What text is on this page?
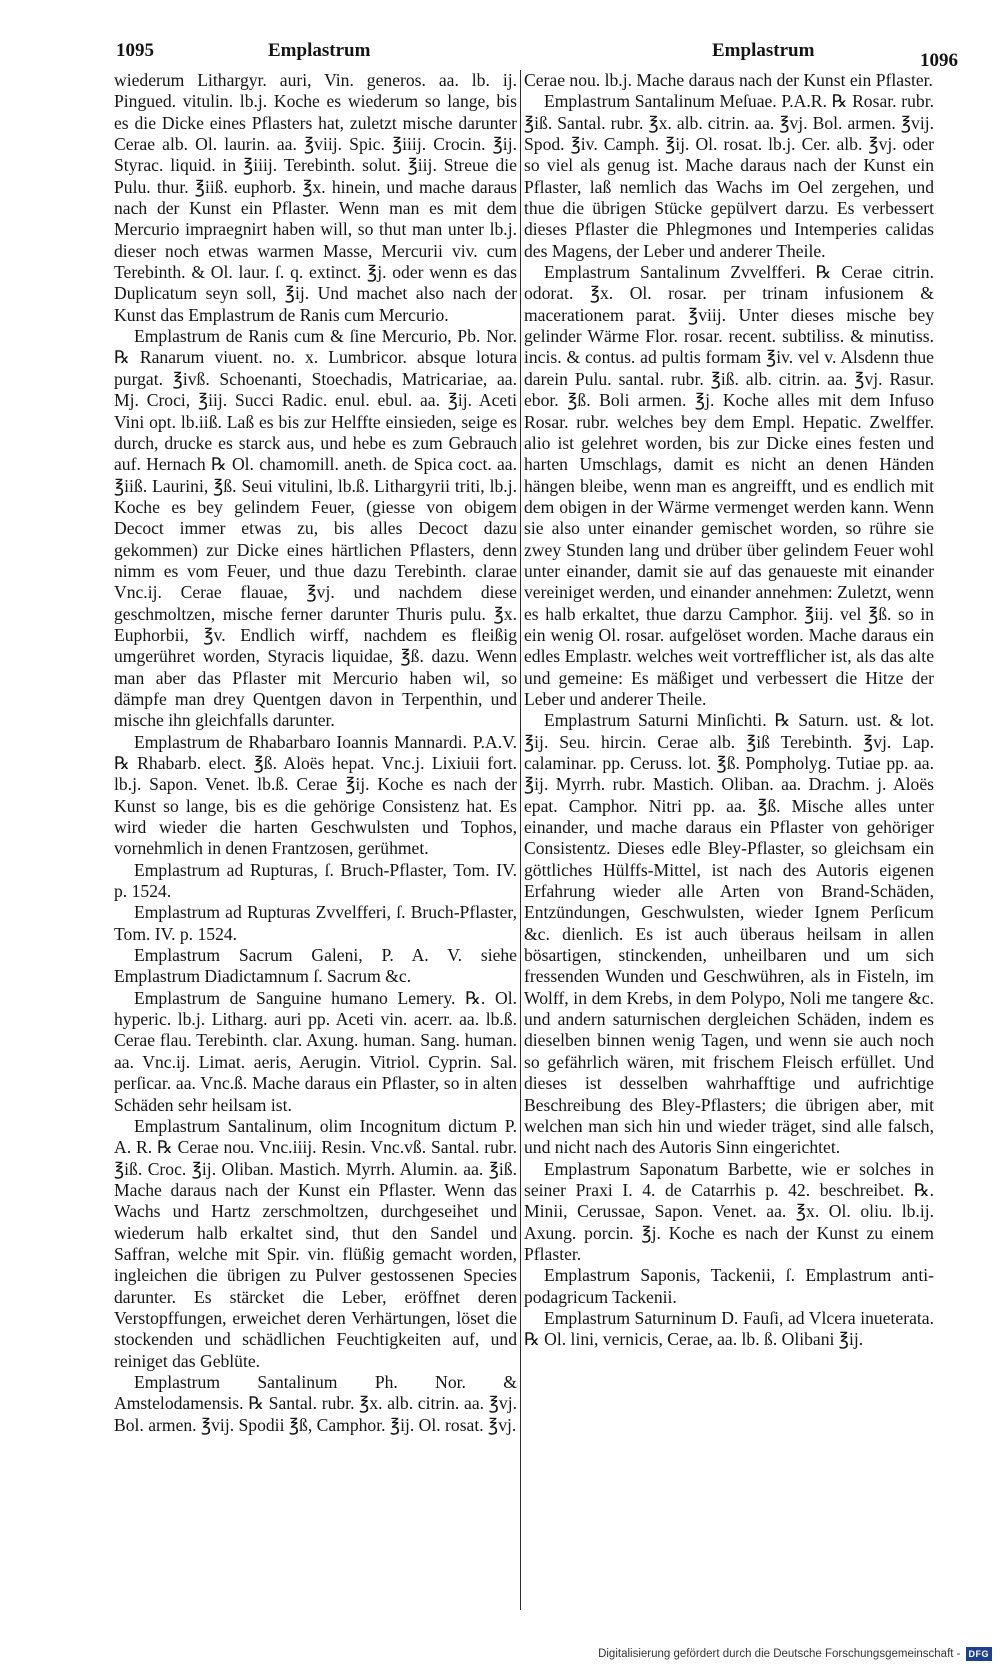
1095	Emplastrum	Emplastrum	1096

wiederum Lithargyr. auri, Vin. generos. aa. lb. ij. Pingued. vitulin. lb.j. Koche es wiederum so lange, bis es die Dicke eines Pflasters hat, zuletzt mische darunter Cerae alb. Ol. laurin. aa. ℥viij. Spic. ℥iiij. Crocin. ℥ij. Styrac. liquid. in ℥iiij. Terebinth. solut. ℥iij. Streue die Pulu. thur. ℥iiß. euphorb. ℥x. hinein, und mache daraus nach der Kunst ein Pflaster. Wenn man es mit dem Mercurio impraegnirt haben will, so thut man unter lb.j. dieser noch etwas warmen Masse, Mercurii viv. cum Terebinth. & Ol. laur. ſ. q. extinct. ℥j. oder wenn es das Duplicatum seyn soll, ℥ij. Und machet also nach der Kunst das Emplastrum de Ranis cum Mercurio.

Emplastrum de Ranis cum & ſine Mercurio, Pb. Nor. ℞ Ranarum viuent. no. x. Lumbricor. absque lotura purgat. ℥ivß. Schoenanti, Stoechadis, Matricariae, aa. Mj. Croci, ℥iij. Succi Radic. enul. ebul. aa. ℥ij. Aceti Vini opt. lb.iiß. Laß es bis zur Helffte einsieden, seige es durch, drucke es starck aus, und hebe es zum Gebrauch auf. Hernach ℞ Ol. chamomill. aneth. de Spica coct. aa. ℥iiß. Laurini, ℥ß. Seui vitulini, lb.ß. Lithargyrii triti, lb.j. Koche es bey gelindem Feuer, (giesse von obigem Decoct immer etwas zu, bis alles Decoct dazu gekommen) zur Dicke eines härtlichen Pflasters, denn nimm es vom Feuer, und thue dazu Terebinth. clarae Vnc.ij. Cerae flauae, ℥vj. und nachdem diese geschmoltzen, mische ferner darunter Thuris pulu. ℥x. Euphorbii, ℥v. Endlich wirff, nachdem es fleißig umgerühret worden, Styracis liquidae, ℥ß. dazu. Wenn man aber das Pflaster mit Mercurio haben wil, so dämpfe man drey Quentgen davon in Terpenthin, und mische ihn gleichfalls darunter.

Emplastrum de Rhabarbaro Ioannis Mannardi. P.A.V. ℞ Rhabarb. elect. ℥ß. Aloës hepat. Vnc.j. Lixiuii fort. lb.j. Sapon. Venet. lb.ß. Cerae ℥ij. Koche es nach der Kunst so lange, bis es die gehörige Consistenz hat. Es wird wieder die harten Geschwulsten und Tophos, vornehmlich in denen Frantzosen, gerühmet.

Emplastrum ad Rupturas, ſ. Bruch-Pflaster, Tom. IV. p. 1524.

Emplastrum ad Rupturas Zvvelfferi, ſ. Bruch-Pflaster, Tom. IV. p. 1524.

Emplastrum Sacrum Galeni, P. A. V. siehe Emplastrum Diadictamnum ſ. Sacrum &c.

Emplastrum de Sanguine humano Lemery. ℞. Ol. hyperic. lb.j. Litharg. auri pp. Aceti vin. acerr. aa. lb.ß. Cerae flau. Terebinth. clar. Axung. human. Sang. human. aa. Vnc.ij. Limat. aeris, Aerugin. Vitriol. Cyprin. Sal. perſicar. aa. Vnc.ß. Mache daraus ein Pflaster, so in alten Schäden sehr heilsam ist.

Emplastrum Santalinum, olim Incognitum dictum P. A. R. ℞ Cerae nou. Vnc.iiij. Resin. Vnc.vß. Santal. rubr. ℥iß. Croc. ℥ij. Oliban. Mastich. Myrrh. Alumin. aa. ℥iß. Mache daraus nach der Kunst ein Pflaster. Wenn das Wachs und Hartz zerschmoltzen, durchgeseihet und wiederum halb erkaltet sind, thut den Sandel und Saffran, welche mit Spir. vin. flüßig gemacht worden, ingleichen die übrigen zu Pulver gestossenen Species darunter. Es stärcket die Leber, eröffnet deren Verstopffungen, erweichet deren Verhärtungen, löset die stockenden und schädlichen Feuchtigkeiten auf, und reiniget das Geblüte.

Emplastrum Santalinum Ph. Nor. & Amstelodamensis. ℞ Santal. rubr. ℥x. alb. citrin. aa. ℥vj. Bol. armen. ℥vij. Spodii ℥ß, Camphor. ℥ij. Ol. rosat. ℥vj.

Cerae nou. lb.j. Mache daraus nach der Kunst ein Pflaster.

Emplastrum Santalinum Meſuae. P.A.R. ℞ Rosar. rubr. ℥iß. Santal. rubr. ℥x. alb. citrin. aa. ℥vj. Bol. armen. ℥vij. Spod. ℥iv. Camph. ℥ij. Ol. rosat. lb.j. Cer. alb. ℥vj. oder so viel als genug ist. Mache daraus nach der Kunst ein Pflaster, laß nemlich das Wachs im Oel zergehen, und thue die übrigen Stücke gepülvert darzu. Es verbessert dieses Pflaster die Phlegmones und Intemperies calidas des Magens, der Leber und anderer Theile.

Emplastrum Santalinum Zvvelfferi. ℞ Cerae citrin. odorat. ℥x. Ol. rosar. per trinam infusionem & macerationem parat. ℥viij. Unter dieses mische bey gelinder Wärme Flor. rosar. recent. subtiliss. & minutiss. incis. & contus. ad pultis formam ℥iv. vel v. Alsdenn thue darein Pulu. santal. rubr. ℥iß. alb. citrin. aa. ℥vj. Rasur. ebor. ℥ß. Boli armen. ℥j. Koche alles mit dem Infuso Rosar. rubr. welches bey dem Empl. Hepatic. Zwelffer. alio ist gelehret worden, bis zur Dicke eines festen und harten Umschlags, damit es nicht an denen Händen hängen bleibe, wenn man es angreifft, und es endlich mit dem obigen in der Wärme vermenget werden kann. Wenn sie also unter einander gemischet worden, so rühre sie zwey Stunden lang und drüber über gelindem Feuer wohl unter einander, damit sie auf das genaueste mit einander vereiniget werden, und einander annehmen: Zuletzt, wenn es halb erkaltet, thue darzu Camphor. ℥iij. vel ℥ß. so in ein wenig Ol. rosar. aufgelöset worden. Mache daraus ein edles Emplastr. welches weit vortrefflicher ist, als das alte und gemeine: Es mäßiget und verbessert die Hitze der Leber und anderer Theile.

Emplastrum Saturni Minſichti. ℞ Saturn. ust. & lot. ℥ij. Seu. hircin. Cerae alb. ℥iß Terebinth. ℥vj. Lap. calaminar. pp. Ceruss. lot. ℥ß. Pompholyg. Tutiae pp. aa. ℥ij. Myrrh. rubr. Mastich. Oliban. aa. Drachm. j. Aloës epat. Camphor. Nitri pp. aa. ℥ß. Mische alles unter einander, und mache daraus ein Pflaster von gehöriger Consistentz. Dieses edle Bley-Pflaster, so gleichsam ein göttliches Hülffs-Mittel, ist nach des Autoris eigenen Erfahrung wieder alle Arten von Brand-Schäden, Entzündungen, Geschwulsten, wieder Ignem Perſicum &c. dienlich. Es ist auch überaus heilsam in allen bösartigen, stinckenden, unheilbaren und um sich fressenden Wunden und Geschwühren, als in Fisteln, im Wolff, in dem Krebs, in dem Polypo, Noli me tangere &c. und andern saturnischen dergleichen Schäden, indem es dieselben binnen wenig Tagen, und wenn sie auch noch so gefährlich wären, mit frischem Fleisch erfüllet. Und dieses ist desselben wahrhafftige und aufrichtige Beschreibung des Bley-Pflasters; die übrigen aber, mit welchen man sich hin und wieder träget, sind alle falsch, und nicht nach des Autoris Sinn eingerichtet.

Emplastrum Saponatum Barbette, wie er solches in seiner Praxi I. 4. de Catarrhis p. 42. beschreibet. ℞. Minii, Cerussae, Sapon. Venet. aa. ℥x. Ol. oliu. lb.ij. Axung. porcin. ℥j. Koche es nach der Kunst zu einem Pflaster.

Emplastrum Saponis, Tackenii, ſ. Emplastrum anti-podagricum Tackenii.

Emplastrum Saturninum D. Fauſi, ad Vlcera inueterata. ℞ Ol. lini, vernicis, Cerae, aa. lb. ß. Olibani ℥ij.

Digitalisierung gefördert durch die Deutsche Forschungsgemeinschaft - DFG
